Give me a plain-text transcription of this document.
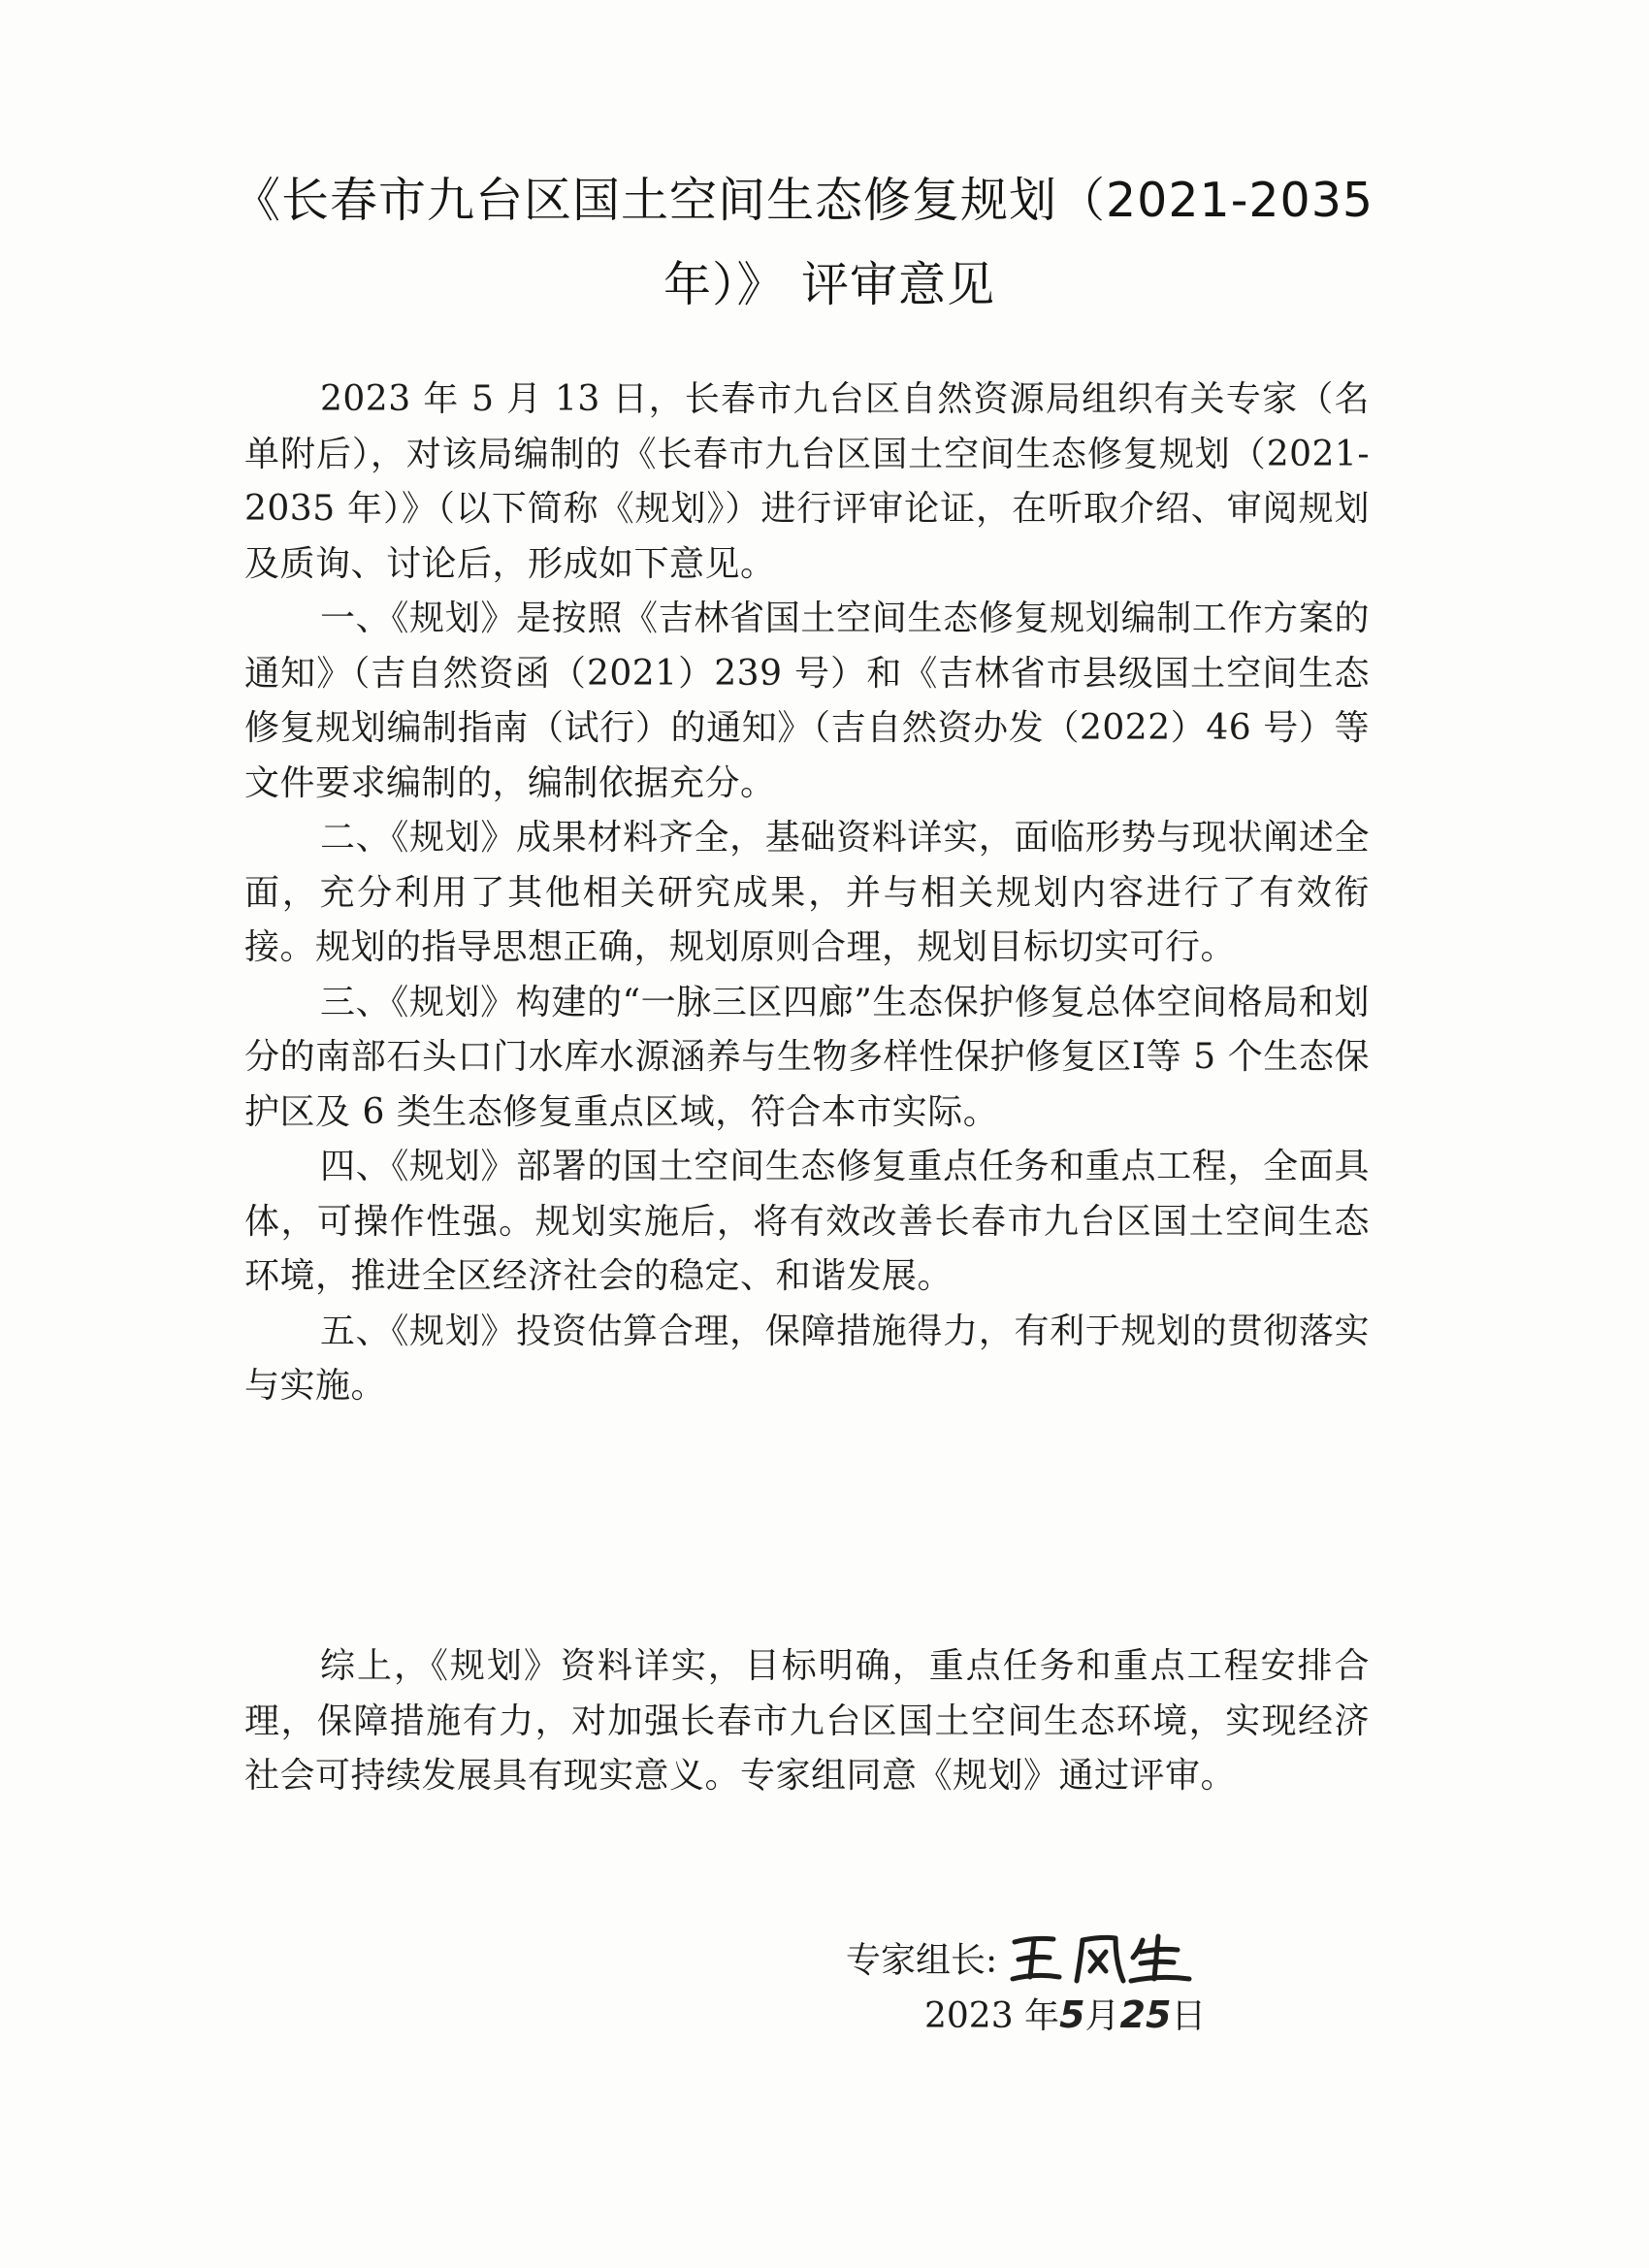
《长春市九台区国土空间生态修复规划（2021-2035
年）》 评审意见

2023 年 5 月 13 日，长春市九台区自然资源局组织有关专家（名单附后），对该局编制的《长春市九台区国土空间生态修复规划（2021-2035 年）》（以下简称《规划》）进行评审论证，在听取介绍、审阅规划及质询、讨论后，形成如下意见。

一、《规划》是按照《吉林省国土空间生态修复规划编制工作方案的通知》（吉自然资函（2021）239 号）和《吉林省市县级国土空间生态修复规划编制指南（试行）的通知》（吉自然资办发（2022）46 号）等文件要求编制的，编制依据充分。

二、《规划》成果材料齐全，基础资料详实，面临形势与现状阐述全面，充分利用了其他相关研究成果，并与相关规划内容进行了有效衔接。规划的指导思想正确，规划原则合理，规划目标切实可行。

三、《规划》构建的“一脉三区四廊”生态保护修复总体空间格局和划分的南部石头口门水库水源涵养与生物多样性保护修复区Ⅰ等 5 个生态保护区及 6 类生态修复重点区域，符合本市实际。

四、《规划》部署的国土空间生态修复重点任务和重点工程，全面具体，可操作性强。规划实施后，将有效改善长春市九台区国土空间生态环境，推进全区经济社会的稳定、和谐发展。

五、《规划》投资估算合理，保障措施得力，有利于规划的贯彻落实与实施。

综上，《规划》资料详实，目标明确，重点任务和重点工程安排合理，保障措施有力，对加强长春市九台区国土空间生态环境，实现经济社会可持续发展具有现实意义。专家组同意《规划》通过评审。

专家组长:
2023 年5月25日
